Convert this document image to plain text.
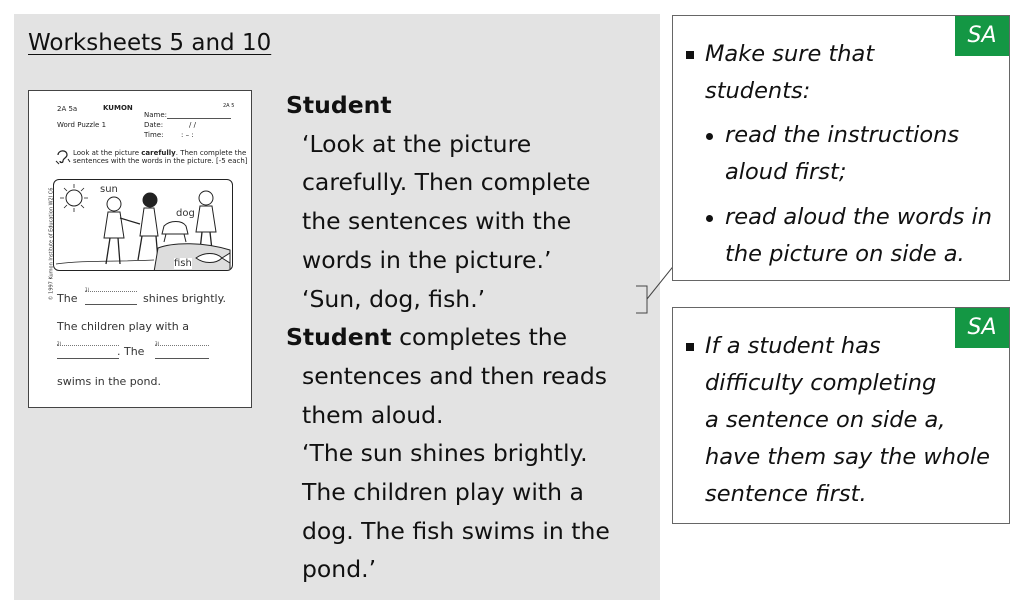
Worksheets 5 and 10
2A 5a	KUMON	2A 5
Word Puzzle 1
Name:
Date:	/ /
Time:	: – :
Look at the picture carefully. Then complete the
sentences with the words in the picture. [-5 each]
© 1997 Kumon Institute of Education W2I C6	sun
dog
fish
The
1)
shines brightly.
The children play with a
2)
. The
3)
swims in the pond.
Student
‘Look at the picture
carefully. Then complete
the sentences with the
words in the picture.’
‘Sun, dog, fish.’
Student completes the
sentences and then reads
them aloud.
‘The sun shines brightly.
The children play with a
dog. The fish swims in the
pond.’
SA
Make sure that
students:
read the instructions
aloud first;
read aloud the words in
the picture on side a.
SA
If a student has
difficulty completing
a sentence on side a,
have them say the whole
sentence first.
